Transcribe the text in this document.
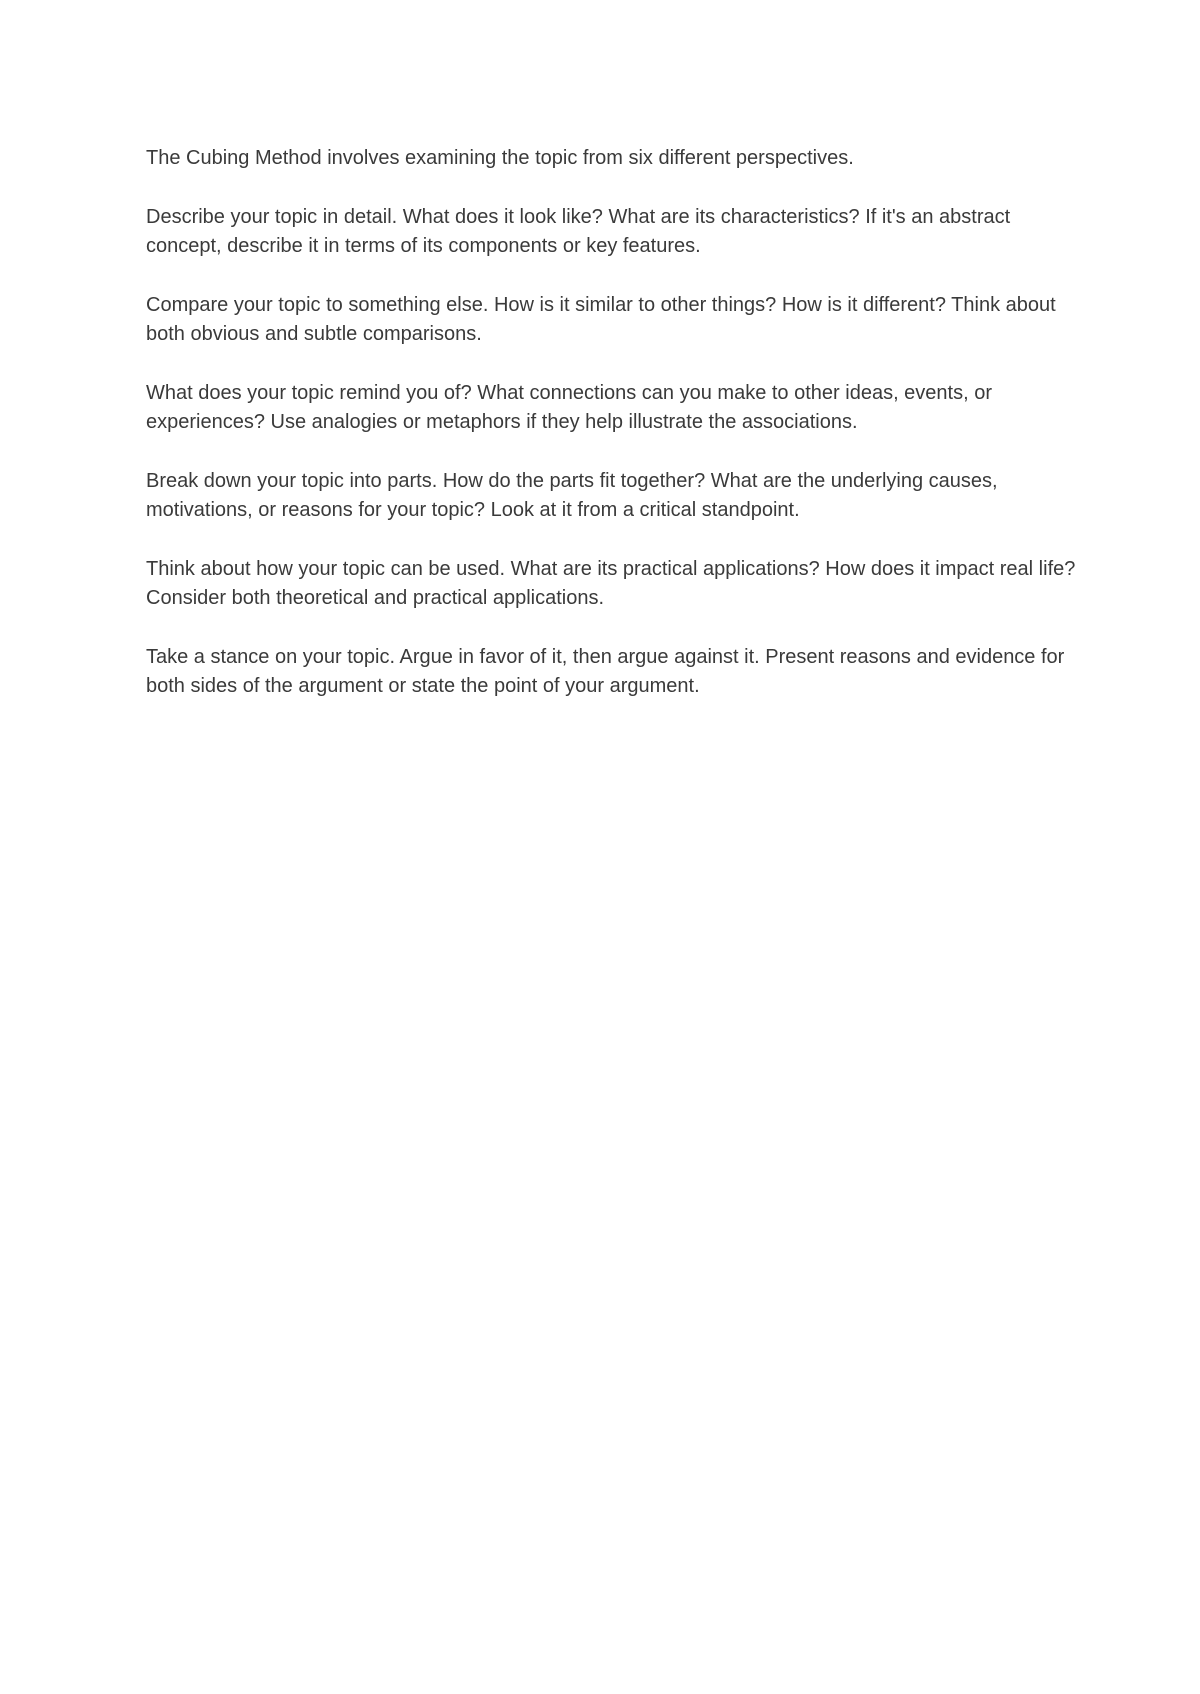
The Cubing Method involves examining the topic from six different perspectives.

Describe your topic in detail. What does it look like? What are its characteristics? If it's an abstract concept, describe it in terms of its components or key features.

Compare your topic to something else. How is it similar to other things? How is it different? Think about both obvious and subtle comparisons.

What does your topic remind you of? What connections can you make to other ideas, events, or experiences? Use analogies or metaphors if they help illustrate the associations.

Break down your topic into parts. How do the parts fit together? What are the underlying causes, motivations, or reasons for your topic? Look at it from a critical standpoint.

Think about how your topic can be used. What are its practical applications? How does it impact real life? Consider both theoretical and practical applications.

Take a stance on your topic. Argue in favor of it, then argue against it. Present reasons and evidence for both sides of the argument or state the point of your argument.
